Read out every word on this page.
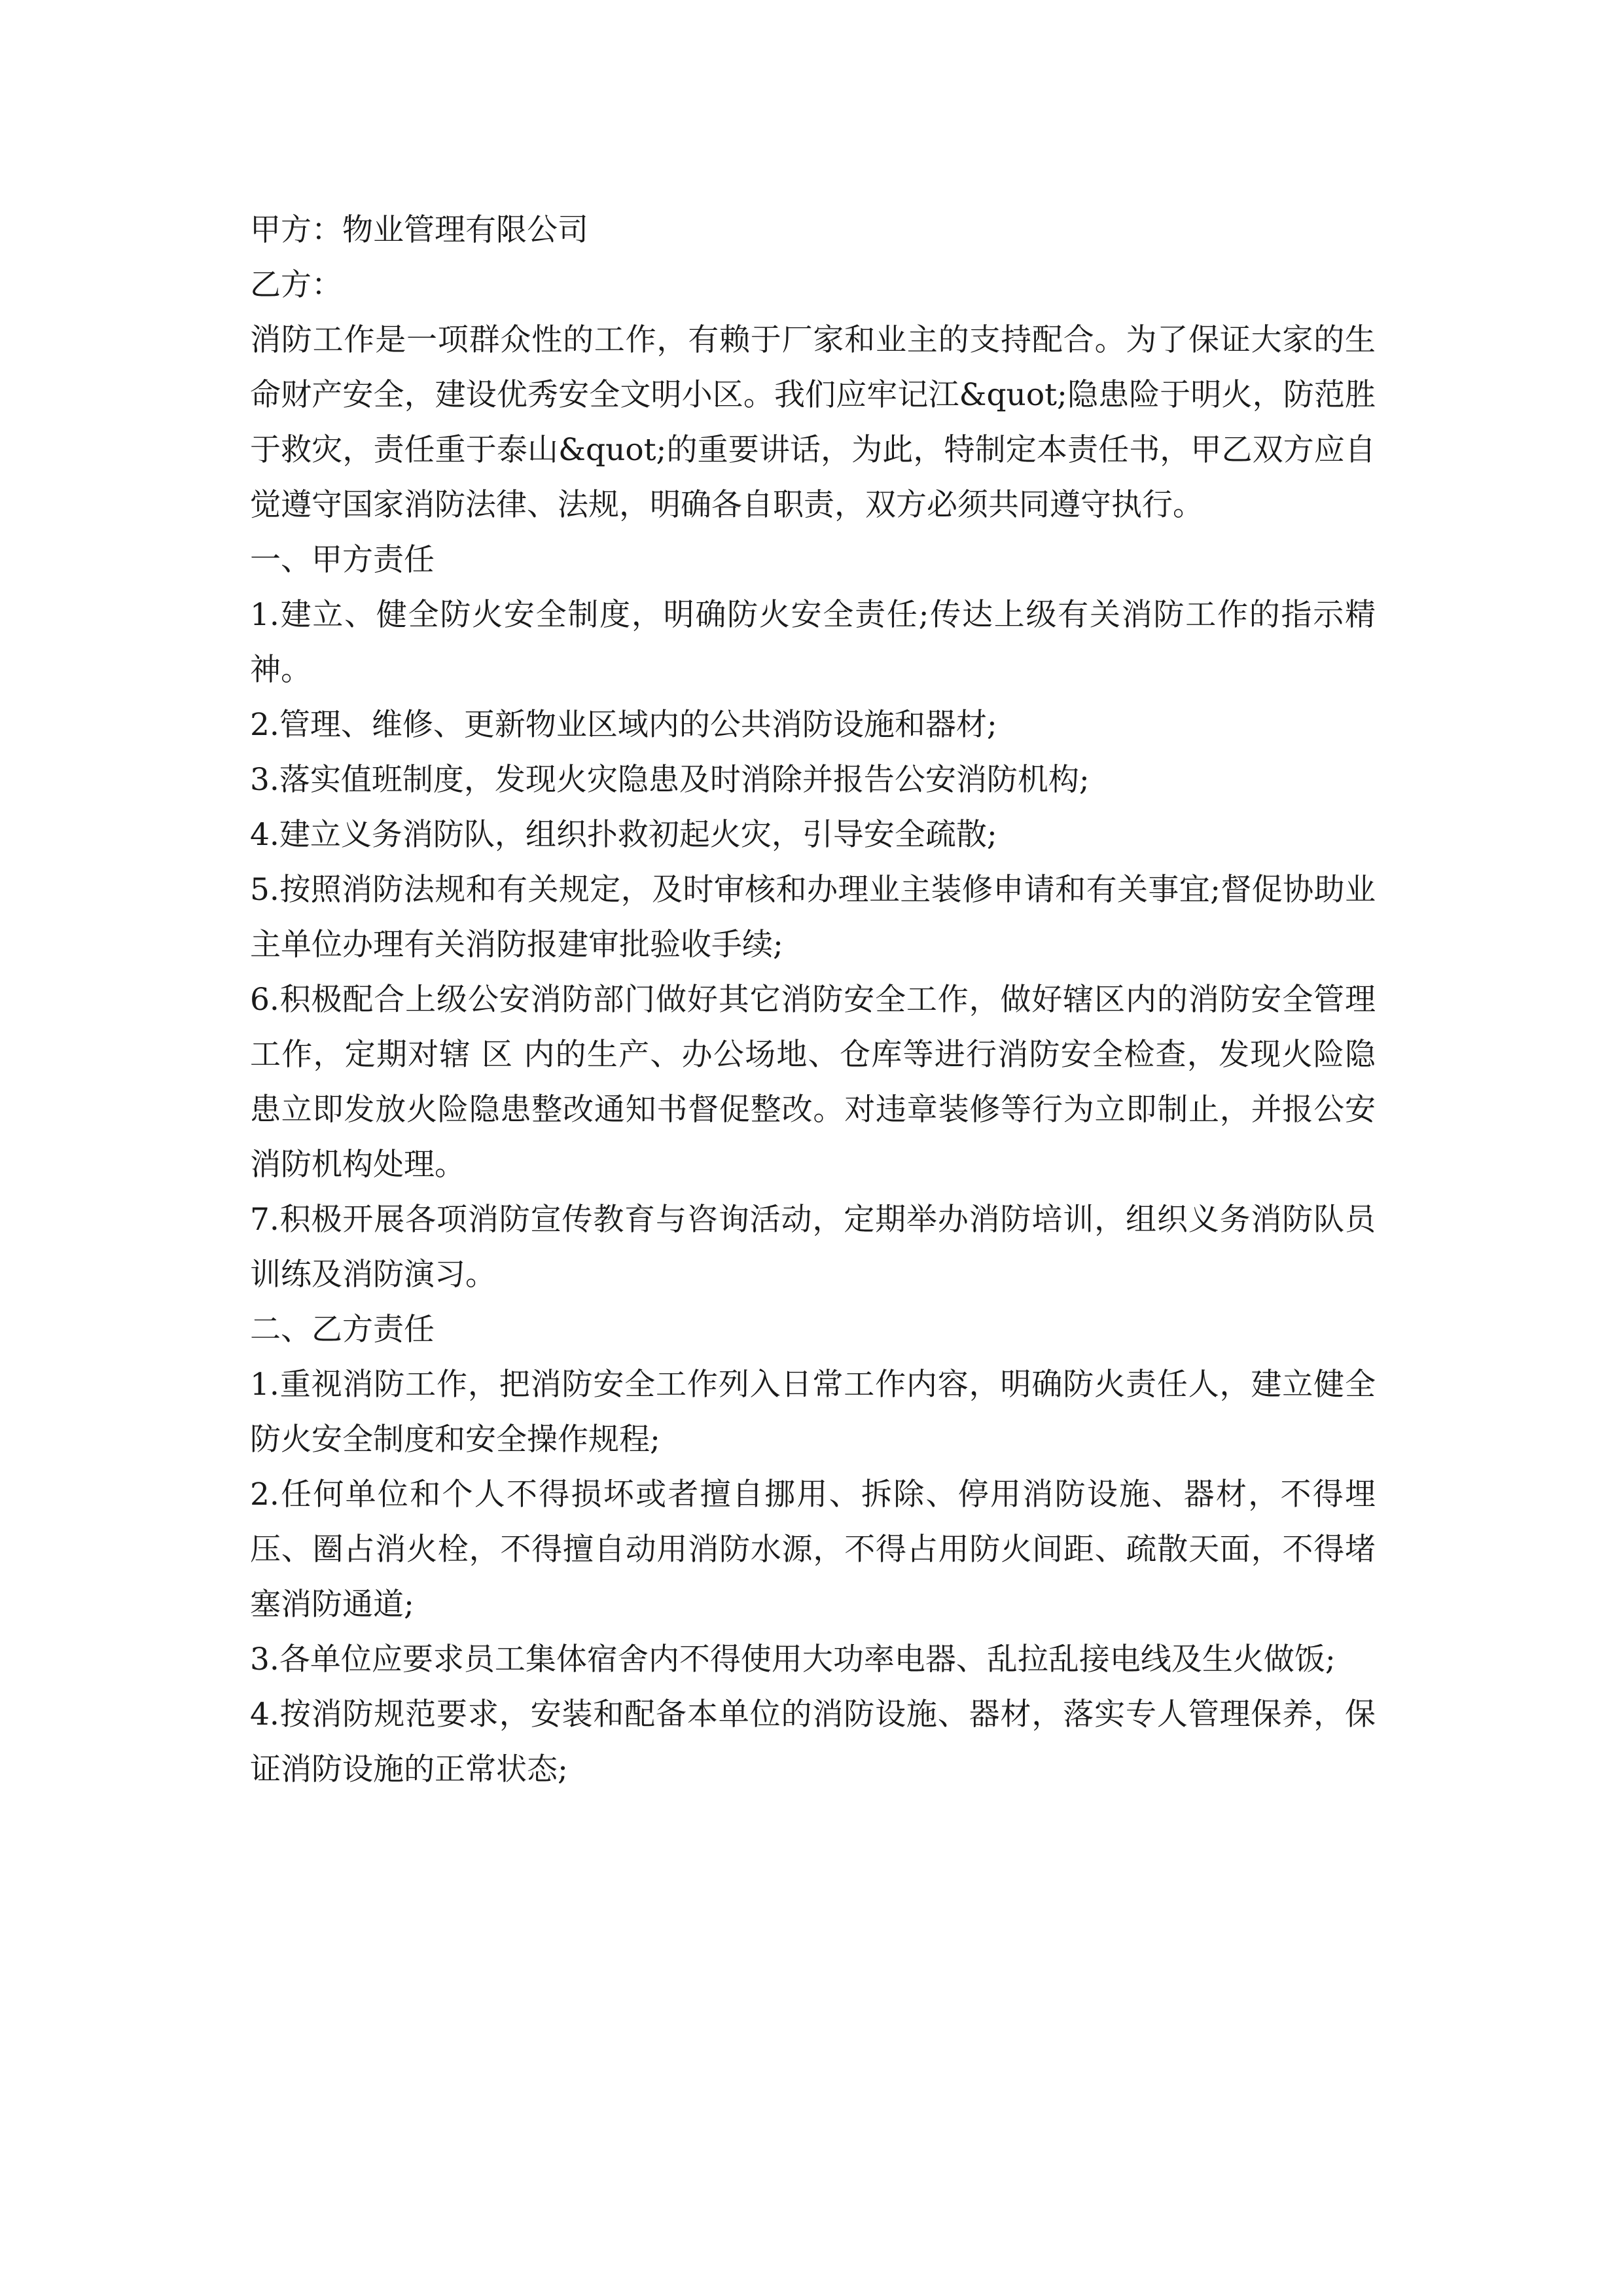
甲方：物业管理有限公司

乙方：

消防工作是一项群众性的工作，有赖于厂家和业主的支持配合。为了保证大家的生命财产安全，建设优秀安全文明小区。我们应牢记江&quot;隐患险于明火，防范胜于救灾，责任重于泰山&quot;的重要讲话，为此，特制定本责任书，甲乙双方应自觉遵守国家消防法律、法规，明确各自职责，双方必须共同遵守执行。

一、甲方责任

1.建立、健全防火安全制度，明确防火安全责任;传达上级有关消防工作的指示精神。

2.管理、维修、更新物业区域内的公共消防设施和器材;

3.落实值班制度，发现火灾隐患及时消除并报告公安消防机构;

4.建立义务消防队，组织扑救初起火灾，引导安全疏散;

5.按照消防法规和有关规定，及时审核和办理业主装修申请和有关事宜;督促协助业主单位办理有关消防报建审批验收手续;

6.积极配合上级公安消防部门做好其它消防安全工作，做好辖区内的消防安全管理工作，定期对辖 区 内的生产、办公场地、仓库等进行消防安全检查，发现火险隐患立即发放火险隐患整改通知书督促整改。对违章装修等行为立即制止，并报公安消防机构处理。

7.积极开展各项消防宣传教育与咨询活动，定期举办消防培训，组织义务消防队员训练及消防演习。

二、乙方责任

1.重视消防工作，把消防安全工作列入日常工作内容，明确防火责任人，建立健全防火安全制度和安全操作规程;

2.任何单位和个人不得损坏或者擅自挪用、拆除、停用消防设施、器材，不得埋压、圈占消火栓，不得擅自动用消防水源，不得占用防火间距、疏散天面，不得堵塞消防通道;

3.各单位应要求员工集体宿舍内不得使用大功率电器、乱拉乱接电线及生火做饭;

4.按消防规范要求，安装和配备本单位的消防设施、器材，落实专人管理保养，保证消防设施的正常状态;
